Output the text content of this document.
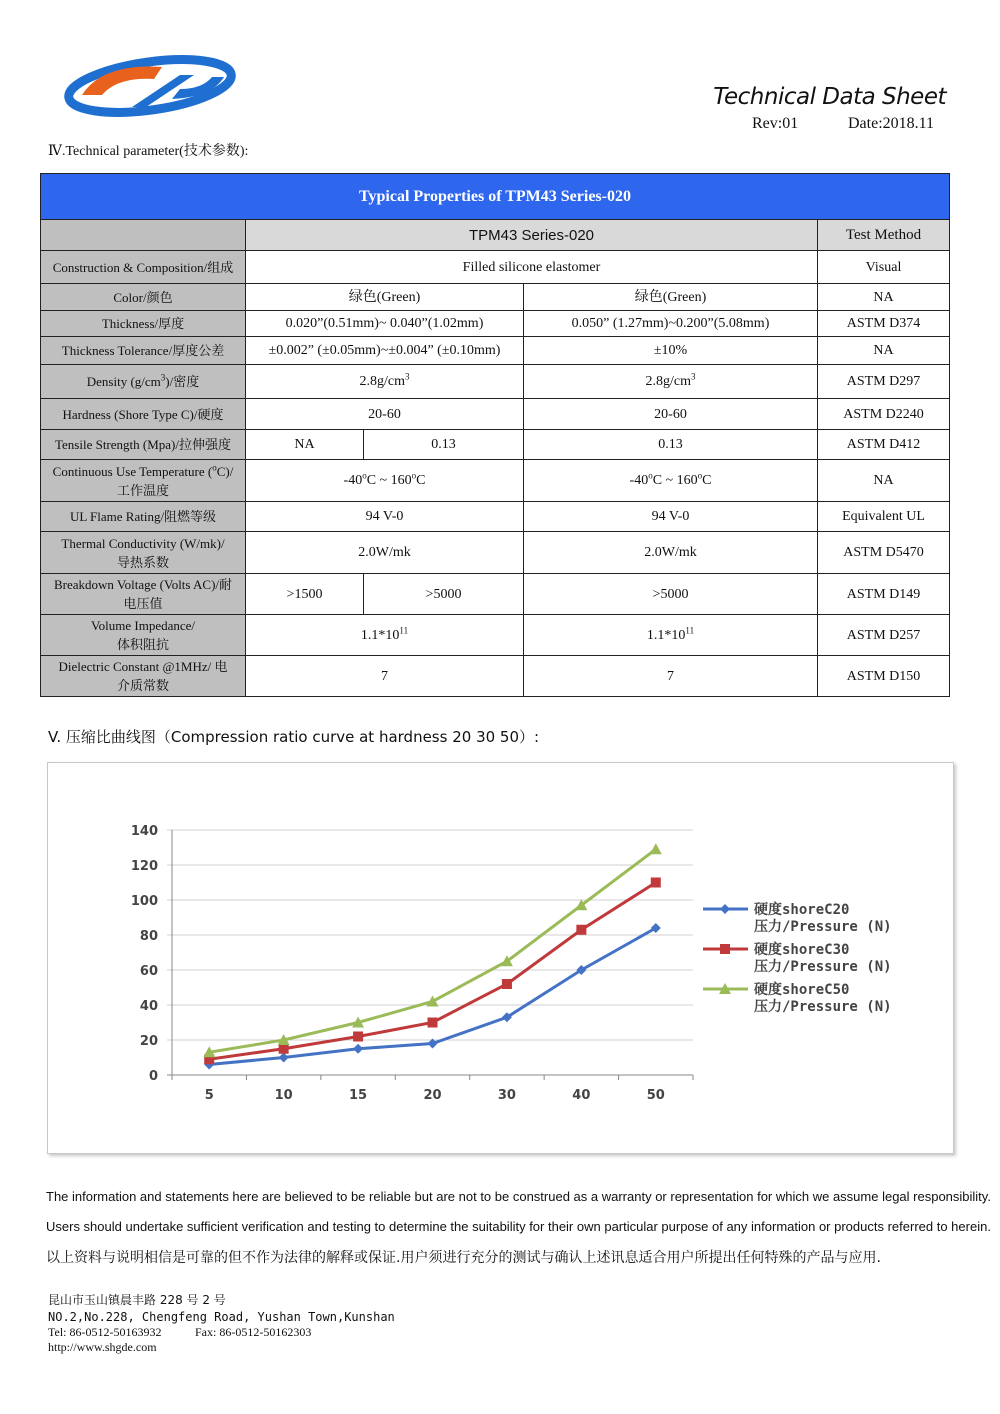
Technical Data Sheet
Rev:01	Date:2018.11
Ⅳ.Technical parameter(技术参数):
Typical Properties of TPM43 Series-020				
	TPM43 Series-020			Test Method
Construction & Composition/组成	Filled silicone elastomer			Visual
Color/颜色	绿色(Green)		绿色(Green)	NA
Thickness/厚度	0.020”(0.51mm)~ 0.040”(1.02mm)		0.050” (1.27mm)~0.200”(5.08mm)	ASTM D374
Thickness Tolerance/厚度公差	±0.002” (±0.05mm)~±0.004” (±0.10mm)		±10%	NA
Density $(g/cm^3)/$密度	$2.8g/cm^3$		$2.8g/cm^3$	ASTM D297
Hardness (Shore Type C)/硬度	20-60		20-60	ASTM D2240
Tensile Strength (Mpa)/拉伸强度	NA	0.13	0.13	ASTM D412
Continuous Use Temperature ($^o$C)/
工作温度	-40$^o$C ~ 160$^o$C		-40$^o$C ~ 160$^o$C	NA
UL Flame Rating/阻燃等级	94 V-0		94 V-0	Equivalent UL
Thermal Conductivity (W/mk)/
导热系数	2.0W/mk		2.0W/mk	ASTM D5470
Breakdown Voltage (Volts AC)/耐
电压值	>1500	>5000	>5000	ASTM D149
Volume Impedance/
体积阻抗	$1.1*10^{11}$		$1.1*10^{11}$	ASTM D257
Dielectric Constant @1MHz/ 电
介质常数	7		7	ASTM D150
V. 压缩比曲线图（Compression ratio curve at hardness 20 30 50）:
0
20
40
60
80
100
120
140
5	10	15	20	30	40	50
硬度shoreC20
压力/Pressure (N)
硬度shoreC30
压力/Pressure (N)
硬度shoreC50
压力/Pressure (N)
The information and statements here are believed to be reliable but are not to be construed as a warranty or representation for which we assume legal responsibility.
Users should undertake sufficient verification and testing to determine the suitability for their own particular purpose of any information or products referred to herein.
以上资料与说明相信是可靠的但不作为法律的解释或保证.用户须进行充分的测试与确认上述讯息适合用户所提出任何特殊的产品与应用.
昆山市玉山镇晨丰路 228 号 2 号
NO.2,No.228, Chengfeng Road, Yushan Town,Kunshan
Tel: 86-0512-50163932	Fax: 86-0512-50162303
http://www.shgde.com
